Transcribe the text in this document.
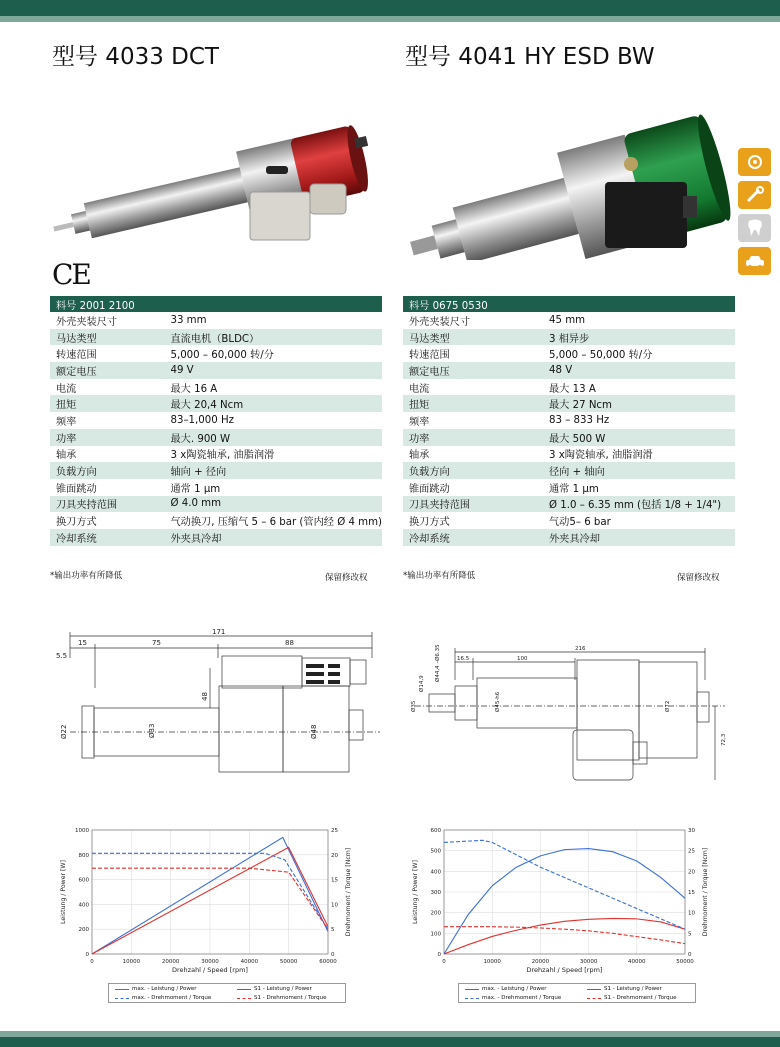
型号 4033 DCT	型号 4041 HY ESD BW
CE
料号 2001 2100	
外壳夹装尺寸	33 mm
马达类型	直流电机（BLDC）
转速范围	5,000 – 60,000 转/分
额定电压	49 V
电流	最大 16 A
扭矩	最大 20,4 Ncm
频率	83–1,000 Hz
功率	最大. 900 W
轴承	3 x陶瓷轴承, 油脂润滑
负载方向	轴向 + 径向
锥面跳动	通常 1 µm
刀具夹持范围	Ø 4.0 mm
换刀方式	气动换刀, 压缩气 5 – 6 bar (管内经 Ø 4 mm)
冷却系统	外夹具冷却

料号 0675 0530	
外壳夹装尺寸	45 mm
马达类型	3 相异步
转速范围	5,000 – 50,000 转/分
额定电压	48 V
电流	最大 13 A
扭矩	最大 27 Ncm
频率	83 – 833 Hz
功率	最大 500 W
轴承	3 x陶瓷轴承, 油脂润滑
负载方向	径向 + 轴向
锥面跳动	通常 1 µm
刀具夹持范围	Ø 1.0 – 6.35 mm (包括 1/8 + 1/4")
换刀方式	气动5– 6 bar
冷却系统	外夹具冷却

*输出功率有所降低	保留修改权	*输出功率有所降低	保留修改权
171
15	75	88
5.5
48
Ø22	Ø33	Ø48
216
16.5	100
Ø35
Ø14,9
Ø44,4 –Ø6.35
Ø45-h6	Ø72
72,3
0	10000	20000	30000	40000	50000	60000
0
200
400
600
800
1000
0
5
10
15
20
25
Drehzahl / Speed [rpm]
Leistung / Power [W]	Drehmoment / Torque [Ncm]
0	10000	20000	30000	40000	50000
0
100
200
300
400
500
600
0
5
10
15
20
25
30
Drehzahl / Speed [rpm]
Leistung / Power [W]	Drehmoment / Torque [Ncm]
max. - Leistung / Power	S1 - Leistung / Power
max. - Drehmoment / Torque	S1 - Drehmoment / Torque
max. - Leistung / Power	S1 - Leistung / Power
max. - Drehmoment / Torque	S1 - Drehmoment / Torque
